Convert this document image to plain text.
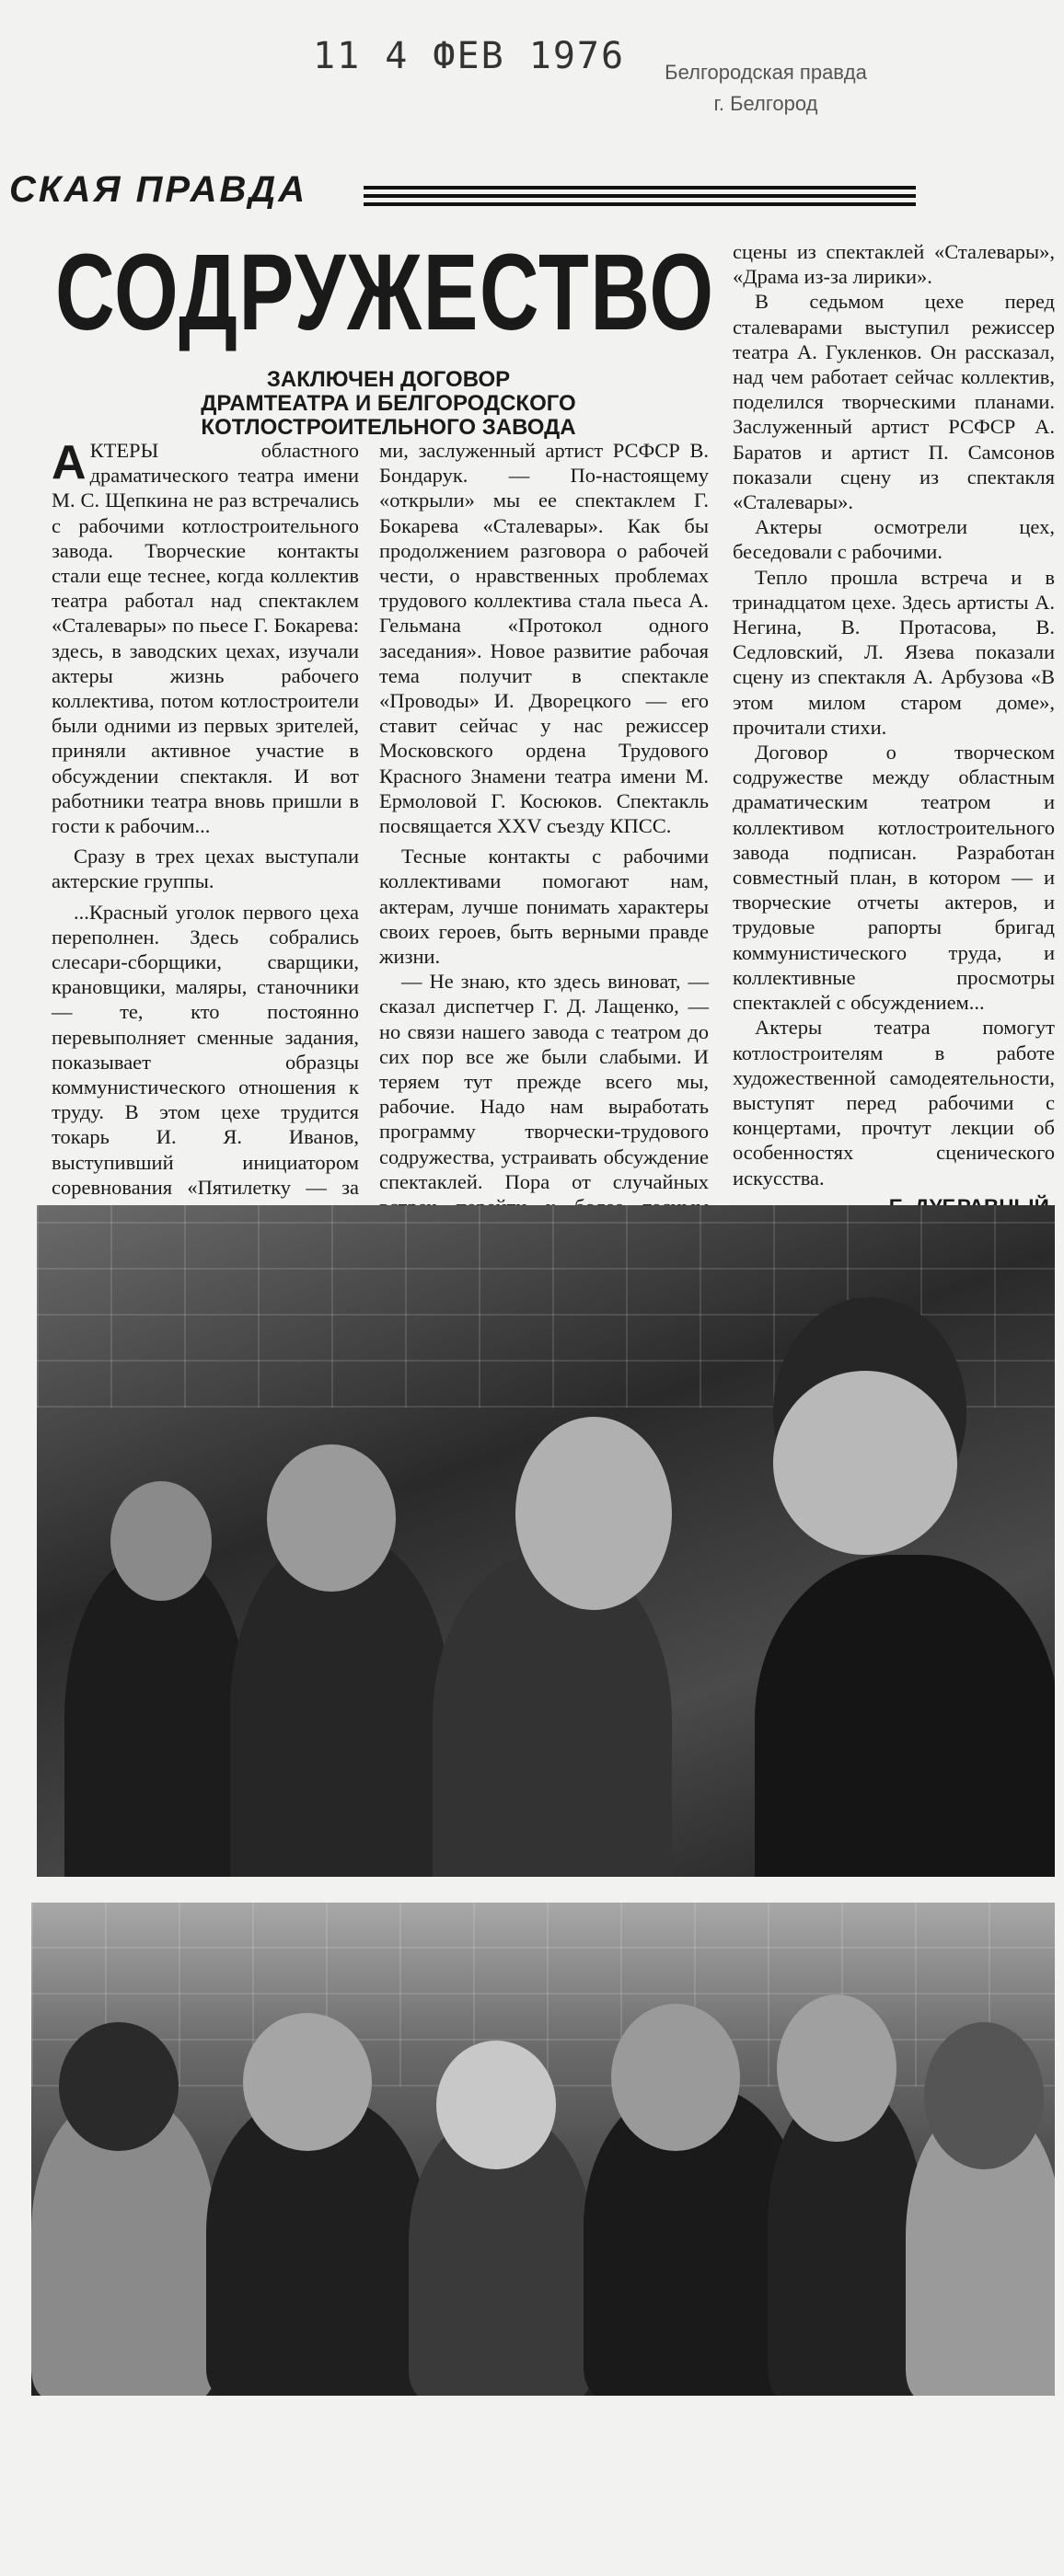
11 4 ФЕВ 1976	Белгородская правда
г. Белгород
СКАЯ ПРАВДА
СОДРУЖЕСТВО
ЗАКЛЮЧЕН ДОГОВОР
ДРАМТЕАТРА И БЕЛГОРОДСКОГО
КОТЛОСТРОИТЕЛЬНОГО ЗАВОДА

АКТЕРЫ областного драматического театра имени М. С. Щепкина не раз встречались с рабочими котлостроительного завода. Творческие контакты стали еще теснее, когда коллектив театра работал над спектаклем «Сталевары» по пьесе Г. Бокарева: здесь, в заводских цехах, изучали актеры жизнь рабочего коллектива, потом котлостроители были одними из первых зрителей, приняли активное участие в обсуждении спектакля. И вот работники театра вновь пришли в гости к рабочим...

Сразу в трех цехах выступали актерские группы.

...Красный уголок первого цеха переполнен. Здесь собрались слесари-сборщики, сварщики, крановщики, маляры, станочники — те, кто постоянно перевыполняет сменные задания, показывает образцы коммунистического отношения к труду. В этом цехе трудится токарь И. Я. Иванов, выступивший инициатором соревнования «Пятилетку — за

ми, заслуженный артист РСФСР В. Бондарук. — По-настоящему «открыли» мы ее спектаклем Г. Бокарева «Сталевары». Как бы продолжением разговора о рабочей чести, о нравственных проблемах трудового коллектива стала пьеса А. Гельмана «Протокол одного заседания». Новое развитие рабочая тема получит в спектакле «Проводы» И. Дворецкого — его ставит сейчас у нас режиссер Московского ордена Трудового Красного Знамени театра имени М. Ермоловой Г. Косюков. Спектакль посвящается XXV съезду КПСС.

Тесные контакты с рабочими коллективами помогают нам, актерам, лучше понимать характеры своих героев, быть верными правде жизни.

— Не знаю, кто здесь виноват, — сказал диспетчер Г. Д. Лащенко, — но связи нашего завода с театром до сих пор все же были слабыми. И теряем тут прежде всего мы, рабочие. Надо нам выработать программу творчески-трудового содружества, устраивать обсуждение спектаклей. Пора от случайных

сцены из спектаклей «Сталевары», «Драма из-за лирики».

В седьмом цехе перед сталеварами выступил режиссер театра А. Гукленков. Он рассказал, над чем работает сейчас коллектив, поделился творческими планами. Заслуженный артист РСФСР А. Баратов и артист П. Самсонов показали сцену из спектакля «Сталевары».

Актеры осмотрели цех, беседовали с рабочими.

Тепло прошла встреча и в тринадцатом цехе. Здесь артисты А. Негина, В. Протасова, В. Седловский, Л. Язева показали сцену из спектакля А. Арбузова «В этом милом старом доме», прочитали стихи.

Договор о творческом содружестве между областным драматическим театром и коллективом котлостроительного завода подписан. Разработан совместный план, в котором — и творческие отчеты актеров, и трудовые рапорты бригад коммунистического труда, и коллективные просмотры спектаклей с обсуждением...

Актеры театра помогут котлостроителям в работе художественной самодеятельности, выступят перед рабочими с концертами, прочтут лекции об особенностях сценического искусства.
